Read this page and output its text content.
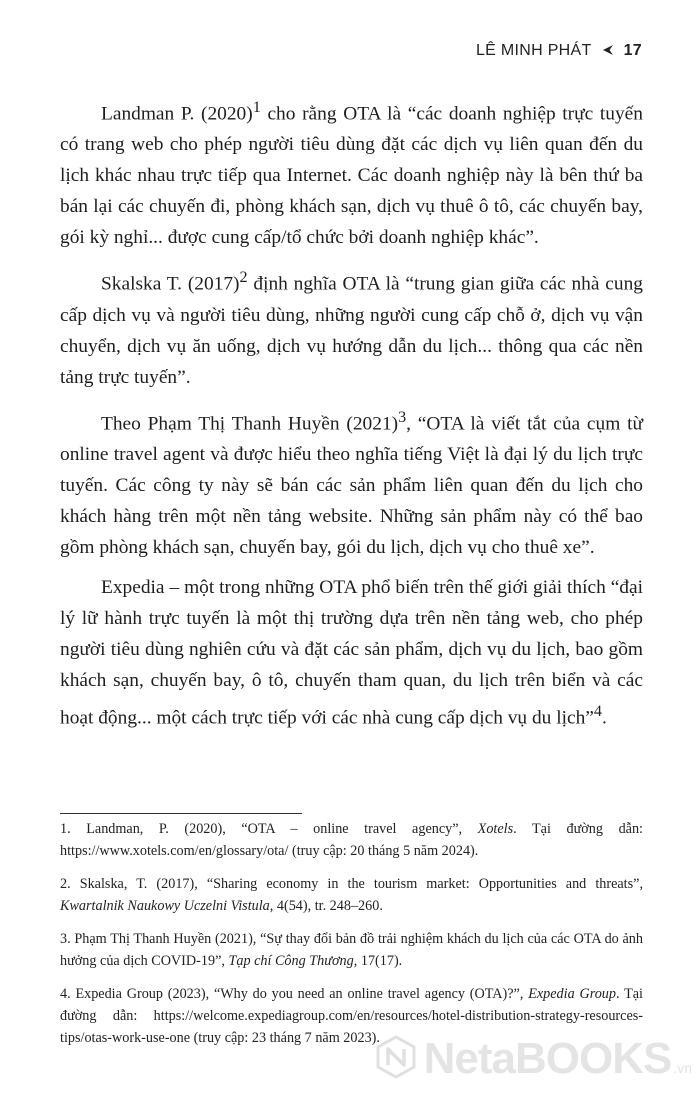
LÊ MINH PHÁT 17

Landman P. $(2020)^1$ cho rằng OTA là “các doanh nghiệp trực tuyến có trang web cho phép người tiêu dùng đặt các dịch vụ liên quan đến du lịch khác nhau trực tiếp qua Internet. Các doanh nghiệp này là bên thứ ba bán lại các chuyến đi, phòng khách sạn, dịch vụ thuê ô tô, các chuyến bay, gói kỳ nghỉ... được cung cấp/tổ chức bởi doanh nghiệp khác”.

Skalska T. $(2017)^2$ định nghĩa OTA là “trung gian giữa các nhà cung cấp dịch vụ và người tiêu dùng, những người cung cấp chỗ ở, dịch vụ vận chuyển, dịch vụ ăn uống, dịch vụ hướng dẫn du lịch... thông qua các nền tảng trực tuyến”.

Theo Phạm Thị Thanh Huyền $(2021)^3$, “OTA là viết tắt của cụm từ online travel agent và được hiểu theo nghĩa tiếng Việt là đại lý du lịch trực tuyến. Các công ty này sẽ bán các sản phẩm liên quan đến du lịch cho khách hàng trên một nền tảng website. Những sản phẩm này có thể bao gồm phòng khách sạn, chuyến bay, gói du lịch, dịch vụ cho thuê xe”.

Expedia – một trong những OTA phổ biến trên thế giới giải thích “đại lý lữ hành trực tuyến là một thị trường dựa trên nền tảng web, cho phép người tiêu dùng nghiên cứu và đặt các sản phẩm, dịch vụ du lịch, bao gồm khách sạn, chuyến bay, ô tô, chuyến tham quan, du lịch trên biển và các hoạt động... một cách trực tiếp với các nhà cung cấp dịch vụ du lịch”$^4$.

1. Landman, P. (2020), “OTA – online travel agency”, Xotels. Tại đường dẫn: https://www.xotels.com/en/glossary/ota/ (truy cập: 20 tháng 5 năm 2024).

2. Skalska, T. (2017), “Sharing economy in the tourism market: Opportunities and threats”, Kwartalnik Naukowy Uczelni Vistula, 4(54), tr. 248–260.

3. Phạm Thị Thanh Huyền (2021), “Sự thay đổi bản đồ trải nghiệm khách du lịch của các OTA do ảnh hưởng của dịch COVID-19”, Tạp chí Công Thương, 17(17).

4. Expedia Group (2023), “Why do you need an online travel agency (OTA)?”, Expedia Group. Tại đường dẫn: https://welcome.expediagroup.com/en/resources/hotel-distribution-strategy-resources-tips/otas-work-use-one (truy cập: 23 tháng 7 năm 2023). NetaBOOKS .vn
